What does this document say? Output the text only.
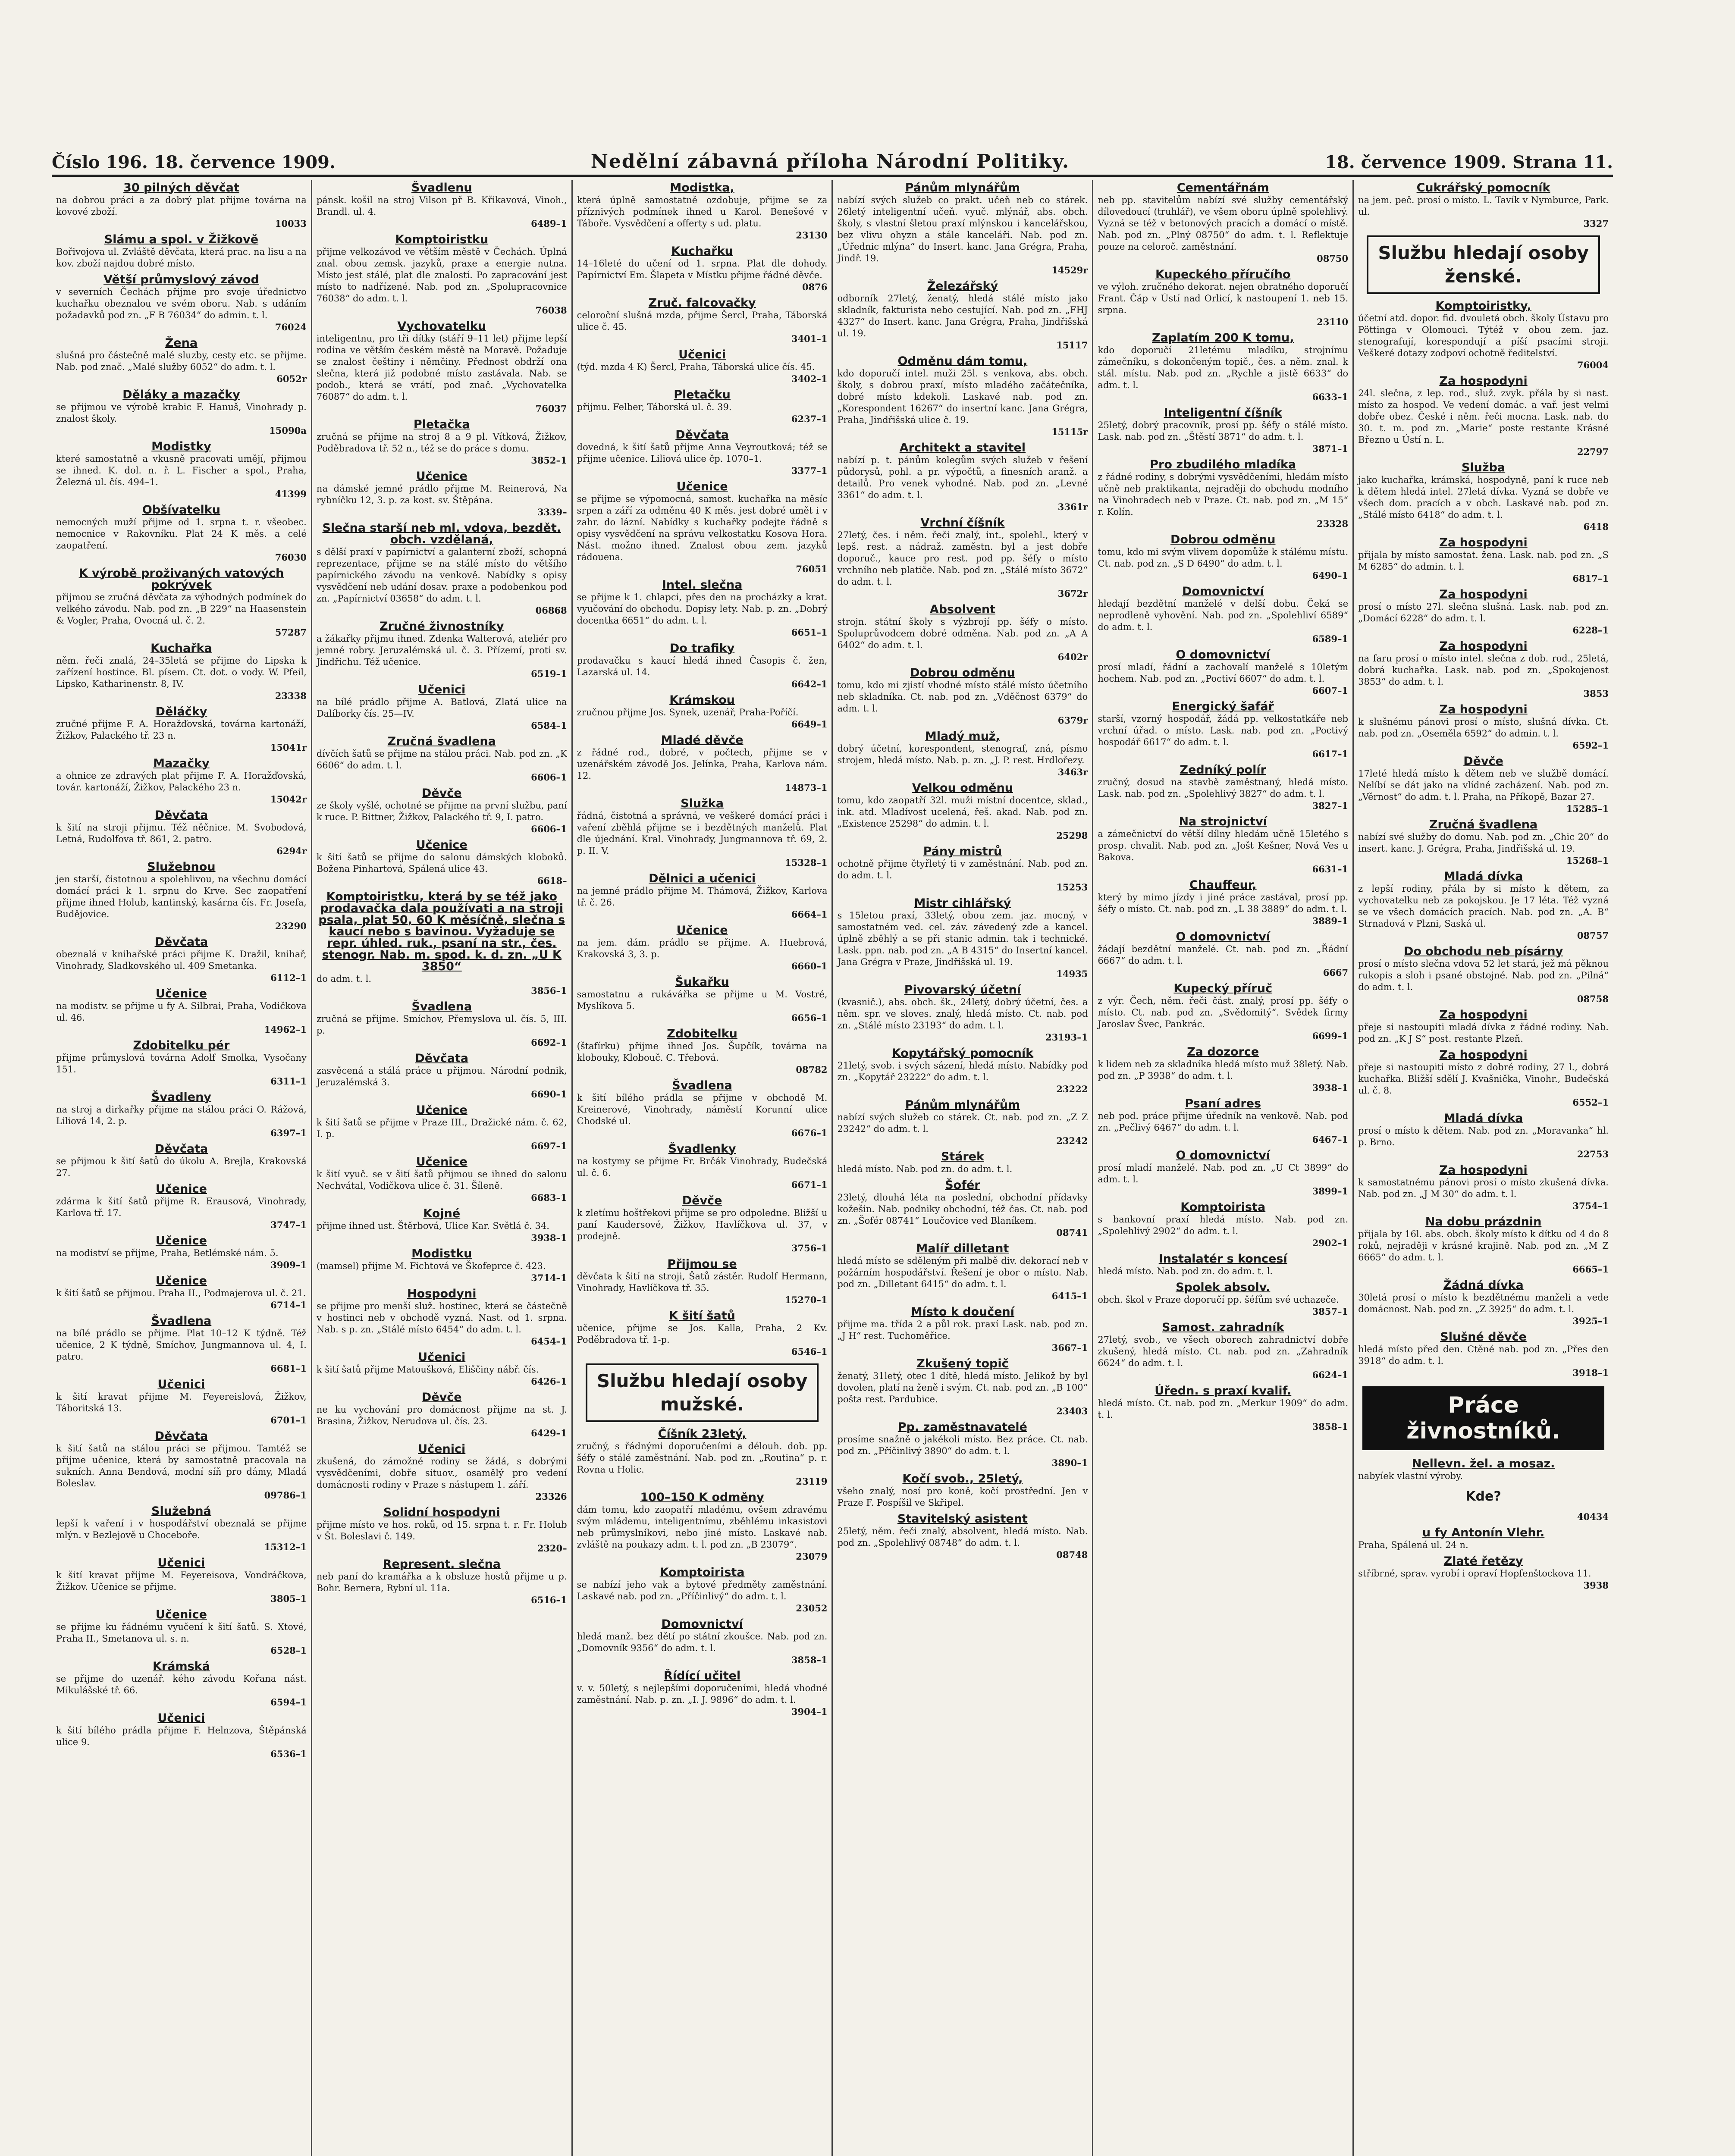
Číslo 196. 18. července 1909.	Nedělní zábavná příloha Národní Politiky.	18. července 1909. Strana 11.
30 pilných děvčat
na dobrou práci a za dobrý plat přijme továrna na kovové zboží.
10033
Slámu a spol. v Žižkově
Bořivojova ul. Zvláště děvčata, která prac. na lisu a na kov. zboží najdou dobré místo.
Větší průmyslový závod
v severních Čechách přijme pro svoje úřednictvo kuchařku obeznalou ve svém oboru. Nab. s udáním požadavků pod zn. „F B 76034“ do admin. t. l.
76024
Žena
slušná pro částečně malé sluzby, cesty etc. se přijme. Nab. pod znač. „Malé služby 6052“ do adm. t. l.
6052r
Děláky a mazačky
se přijmou ve výrobě krabic F. Hanuš, Vinohrady p. znalost školy.
15090a
Modistky
které samostatně a vkusně pracovati umějí, přijmou se ihned. K. dol. n. ř. L. Fischer a spol., Praha, Železná ul. čís. 494–1.
41399
Obšívatelku
nemocných muží přijme od 1. srpna t. r. všeobec. nemocnice v Rakovníku. Plat 24 K měs. a celé zaopatření.
76030
K výrobě proživaných vatových pokrývek
přijmou se zručná děvčata za výhodných podmínek do velkého závodu. Nab. pod zn. „B 229“ na Haasenstein & Vogler, Praha, Ovocná ul. č. 2.
57287
Kuchařka
něm. řeči znalá, 24–35letá se přijme do Lipska k zařízení hostince. Bl. písem. Ct. dot. o vody. W. Pfeil, Lipsko, Katharinenstr. 8, IV.
23338
Děláčky
zručné přijme F. A. Horažďovská, továrna kartonáží, Žižkov, Palackého tř. 23 n.
15041r
Mazačky
a ohnice ze zdravých plat přijme F. A. Horažďovská, továr. kartonáží, Žižkov, Palackého 23 n.
15042r
Děvčata
k šití na stroji přijmu. Též něčnice. M. Svobodová, Letná, Rudolfova tř. 861, 2. patro.
6294r
Služebnou
jen starší, čistotnou a spolehlivou, na všechnu domácí domácí práci k 1. srpnu do Krve. Sec zaopatření přijme ihned Holub, kantinský, kasárna čís. Fr. Josefa, Budějovice.
23290
Děvčata
obeznalá v knihařské práci přijme K. Dražil, knihař, Vinohrady, Sladkovského ul. 409 Smetanka.
6112–1
Učenice
na modistv. se přijme u fy A. Silbrai, Praha, Vodičkova ul. 46.
14962–1
Zdobitelku pér
přijme průmyslová továrna Adolf Smolka, Vysočany 151.
6311–1
Švadleny
na stroj a dirkařky přijme na stálou práci O. Rážová, Liliová 14, 2. p.
6397–1
Děvčata
se přijmou k šití šatů do úkolu A. Brejla, Krakovská 27.
Učenice
zdárma k šití šatů přijme R. Erausová, Vinohrady, Karlova tř. 17.
3747–1
Učenice
na modiství se přijme, Praha, Betlémské nám. 5.
3909–1
Učenice
k šití šatů se přijmou. Praha II., Podmajerova ul. č. 21.
6714–1
Švadlena
na bílé prádlo se přijme. Plat 10–12 K týdně. Též učenice, 2 K týdně, Smíchov, Jungmannova ul. 4, I. patro.
6681–1
Učenici
k šití kravat přijme M. Feyereislová, Žižkov, Táboritská 13.
6701–1
Děvčata
k šití šatů na stálou práci se přijmou. Tamtéž se přijme učenice, která by samostatně pracovala na sukních. Anna Bendová, modní síň pro dámy, Mladá Boleslav.
09786–1
Služebná
lepší k vaření i v hospodářství obeznalá se přijme mlýn. v Bezlejově u Choceboře.
15312–1
Učenici
k šití kravat přijme M. Feyereisova, Vondráčkova, Žižkov. Učenice se přijme.
3805–1
Učenice
se přijme ku řádnému vyučení k šití šatů. S. Xtové, Praha II., Smetanova ul. s. n.
6528–1
Krámská
se přijme do uzenář. kého závodu Kořana nást. Mikulášské tř. 66.
6594–1
Učenici
k šití bílého prádla přijme F. Helnzova, Štěpánská ulice 9.
6536–1
Švadlenu
pánsk. košil na stroj Vilson př B. Křikavová, Vinoh., Brandl. ul. 4.
6489–1
Komptoiristku
přijme velkozávod ve větším městě v Čechách. Úplná znal. obou zemsk. jazyků, praxe a energie nutna. Místo jest stálé, plat dle znalostí. Po zapracování jest místo to nadřízené. Nab. pod zn. „Spolupracovnice 76038“ do adm. t. l.
76038
Vychovatelku
inteligentnu, pro tři dítky (stáří 9–11 let) přijme lepší rodina ve větším českém městě na Moravě. Požaduje se znalost češtiny i němčiny. Přednost obdrží ona slečna, která již podobné místo zastávala. Nab. se podob., která se vrátí, pod znač. „Vychovatelka 76087“ do adm. t. l.
76037
Pletačka
zručná se přijme na stroj 8 a 9 pl. Vítková, Žižkov, Poděbradova tř. 52 n., též se do práce s domu.
3852–1
Učenice
na dámské jemné prádlo přijme M. Reinerová, Na rybníčku 12, 3. p. za kost. sv. Štěpána.
3339–
Slečna starší neb ml. vdova, bezdět. obch. vzdělaná,
s dělší praxí v papírnictví a galanterní zboží, schopná reprezentace, přijme se na stálé místo do většího papírnického závodu na venkově. Nabídky s opisy vysvědčení neb udání dosav. praxe a podobenkou pod zn. „Papírnictví 03658“ do adm. t. l.
06868
Zručné živnostníky
a žákařky přijmu ihned. Zdenka Walterová, ateliér pro jemné robry. Jeruzalémská ul. č. 3. Přízemí, proti sv. Jindřichu. Též učenice.
6519–1
Učenici
na bílé prádlo přijme A. Batlová, Zlatá ulice na Dalíborky čís. 25—IV.
6584–1
Zručná švadlena
dívčích šatů se přijme na stálou práci. Nab. pod zn. „K 6606“ do adm. t. l.
6606–1
Děvče
ze školy vyšlé, ochotné se přijme na první službu, paní k ruce. P. Bittner, Žižkov, Palackého tř. 9, I. patro.
6606–1
Učenice
k šití šatů se přijme do salonu dámských kloboků. Božena Pinhartová, Spálená ulice 43.
6618–
Komptoiristku, která by se též jako prodavačka dala používati a na stroji psala, plat 50, 60 K měsíčně, slečna s kaucí nebo s bavinou. Vyžaduje se repr. úhled. ruk., psaní na str., čes. stenogr. Nab. m. spod. k. d. zn. „U K 3850“
do adm. t. l.
3856–1
Švadlena
zručná se přijme. Smíchov, Přemyslova ul. čís. 5, III. p.
6692–1
Děvčata
zasvěcená a stálá práce u přijmou. Národní podnik, Jeruzalémská 3.
6690–1
Učenice
k šití šatů se přijme v Praze III., Dražické nám. č. 62, I. p.
6697–1
Učenice
k šití vyuč. se v šití šatů přijmou se ihned do salonu Nechvátal, Vodičkova ulice č. 31. Šíleně.
6683–1
Kojné
přijme ihned ust. Štěrbová, Ulice Kar. Světlá č. 34.
3938–1
Modistku
(mamsel) přijme M. Fichtová ve Škofeprce č. 423.
3714–1
Hospodyni
se přijme pro menší služ. hostinec, která se částečně v hostinci neb v obchodě vyzná. Nast. od 1. srpna. Nab. s p. zn. „Stálé místo 6454“ do adm. t. l.
6454–1
Učenici
k šití šatů přijme Matoušková, Eliščiny nábř. čís.
6426–1
Děvče
ne ku vychování pro domácnost přijme na st. J. Brasina, Žižkov, Nerudova ul. čís. 23.
6429–1
Učenici
zkušená, do zámožné rodiny se žádá, s dobrými vysvědčeními, dobře situov., osamělý pro vedení domácnosti rodiny v Praze s nástupem 1. září.
23326
Solidní hospodyni
přijme místo ve hos. roků, od 15. srpna t. r. Fr. Holub v Št. Boleslavi č. 149.
2320–
Represent. slečna
neb paní do kramářka a k obsluze hostů přijme u p. Bohr. Bernera, Rybní ul. 11a.
6516–1
Modistka,
která úplně samostatně ozdobuje, přijme se za příznivých podmínek ihned u Karol. Benešové v Táboře. Vysvědčení a offerty s ud. platu.
23130
Kuchařku
14–16leté do učení od 1. srpna. Plat dle dohody. Papírnictví Em. Šlapeta v Místku přijme řádné děvče.
0876
Zruč. falcovačky
celoroční slušná mzda, přijme Šercl, Praha, Táborská ulice č. 45.
3401–1
Učenici
(týd. mzda 4 K) Šercl, Praha, Táborská ulice čís. 45.
3402–1
Pletačku
přijmu. Felber, Táborská ul. č. 39.
6237–1
Děvčata
dovedná, k šití šatů přijme Anna Veyroutková; též se přijme učenice. Liliová ulice čp. 1070–1.
3377–1
Učenice
se přijme se výpomocná, samost. kuchařka na měsíc srpen a září za odměnu 40 K měs. jest dobré umět i v zahr. do lázní. Nabídky s kuchařky podejte řádně s opisy vysvědčení na správu velkostatku Kosova Hora. Nást. možno ihned. Znalost obou zem. jazyků rádouena.
76051
Intel. slečna
se přijme k 1. chlapci, přes den na procházky a krat. vyučování do obchodu. Dopisy lety. Nab. p. zn. „Dobrý docentka 6651“ do adm. t. l.
6651–1
Do trafiky
prodavačku s kaucí hledá ihned Časopis č. žen, Lazarská ul. 14.
6642–1
Krámskou
zručnou přijme Jos. Synek, uzenář, Praha-Poříčí.
6649–1
Mladé děvče
z řádné rod., dobré, v počtech, přijme se v uzenářském závodě Jos. Jelínka, Praha, Karlova nám. 12.
14873–1
Služka
řádná, čistotná a správná, ve veškeré domácí práci i vaření zběhlá přijme se i bezdětných manželů. Plat dle újednání. Kral. Vinohrady, Jungmannova tř. 69, 2. p. II. V.
15328–1
Dělnici a učenici
na jemné prádlo přijme M. Thámová, Žižkov, Karlova tř. č. 26.
6664–1
Učenice
na jem. dám. prádlo se přijme. A. Huebrová, Krakovská 3, 3. p.
6660–1
Šukařku
samostatnu a rukávářka se přijme u M. Vostré, Myslíkova 5.
6656–1
Zdobitelku
(štafírku) přijme ihned Jos. Šupčík, továrna na klobouky, Klobouč. C. Třebová.
08782
Švadlena
k šití bílého prádla se přijme v obchodě M. Kreinerové, Vinohrady, náměstí Korunní ulice Chodské ul.
6676–1
Švadlenky
na kostymy se přijme Fr. Brčák Vinohrady, Budečská ul. č. 6.
6671–1
Děvče
k zletímu hoštřekovi přijme se pro odpoledne. Bližší u paní Kaudersové, Žižkov, Havlíčkova ul. 37, v prodejně.
3756–1
Přijmou se
děvčata k šití na stroji, Šatů zástěr. Rudolf Hermann, Vinohrady, Havlíčkova tř. 35.
15270–1
K šití šatů
učenice, přijme se Jos. Kalla, Praha, 2 Kv. Poděbradova tř. 1-p.
6546–1
Službu hledají osoby mužské.
Číšník 23letý,
zručný, s řádnými doporučeními a délouh. dob. pp. šéfy o stálé zaměstnání. Nab. pod zn. „Routina“ p. r. Rovna u Holic.
23119
100–150 K odměny
dám tomu, kdo zaopatří mladému, ovšem zdravému svým mládemu, inteligentnímu, zběhlému inkasistovi neb průmyslníkovi, nebo jiné místo. Laskavé nab. zvláště na poukazy adm. t. l. pod zn. „B 23079“.
23079
Komptoirista
se nabízí jeho vak a bytové předměty zaměstnání. Laskavé nab. pod zn. „Příčinlivý“ do adm. t. l.
23052
Domovnictví
hledá manž. bez dětí po státní zkoušce. Nab. pod zn. „Domovník 9356“ do adm. t. l.
3858–1
Řídící učitel
v. v. 50letý, s nejlepšími doporučeními, hledá vhodné zaměstnání. Nab. p. zn. „I. J. 9896“ do adm. t. l.
3904–1
Pánům mlynářům
nabízí svých služeb co prakt. učeň neb co stárek. 26letý inteligentní učeň. vyuč. mlýnář, abs. obch. školy, s vlastní šletou praxí mlýnskou i kancelářskou, bez vlivu ohyzn a stále kanceláři. Nab. pod zn. „Úřednic mlýna“ do Insert. kanc. Jana Grégra, Praha, Jindř. 19.
14529r
Železářský
odborník 27letý, ženatý, hledá stálé místo jako skladník, fakturista nebo cestující. Nab. pod zn. „FHJ 4327“ do Insert. kanc. Jana Grégra, Praha, Jindřišská ul. 19.
15117
Odměnu dám tomu,
kdo doporučí intel. muži 25l. s venkova, abs. obch. školy, s dobrou praxí, místo mladého začátečníka, dobré místo kdekoli. Laskavé nab. pod zn. „Korespondent 16267“ do insertní kanc. Jana Grégra, Praha, Jindřišská ulice č. 19.
15115r
Architekt a stavitel
nabízí p. t. pánům kolegům svých služeb v řešení půdorysů, pohl. a pr. výpočtů, a finesních aranž. a detailů. Pro venek vyhodné. Nab. pod zn. „Levné 3361“ do adm. t. l.
3361r
Vrchní číšník
27letý, čes. i něm. řeči znalý, int., spolehl., který v lepš. rest. a nádraž. zaměstn. byl a jest dobře doporuč., kauce pro rest. pod pp. šéfy o místo vrchního neb platiče. Nab. pod zn. „Stálé místo 3672“ do adm. t. l.
3672r
Absolvent
strojn. státní školy s výzbrojí pp. šéfy o místo. Spoluprůvodcem dobré odměna. Nab. pod zn. „A A 6402“ do adm. t. l.
6402r
Dobrou odměnu
tomu, kdo mi zjistí vhodné místo stálé místo účetního neb skladníka. Ct. nab. pod zn. „Vděčnost 6379“ do adm. t. l.
6379r
Mladý muž,
dobrý účetní, korespondent, stenograf, zná, písmo strojem, hledá místo. Nab. p. zn. „J. P. rest. Hrdlořezy.
3463r
Velkou odměnu
tomu, kdo zaopatří 32l. muži místní docentce, sklad., ink. atd. Mladívost ucelená, řeš. akad. Nab. pod zn. „Existence 25298“ do admin. t. l.
25298
Pány mistrů
ochotně přijme čtyřletý ti v zaměstnání. Nab. pod zn. do adm. t. l.
15253
Mistr cihlářský
s 15letou praxí, 33letý, obou zem. jaz. mocný, v samostatném ved. cel. záv. závedený zde a kancel. úplně zběhlý a se při stanic admin. tak i technické. Lask. ppn. nab. pod zn. „A B 4315“ do Insertní kancel. Jana Grégra v Praze, Jindřišská ul. 19.
14935
Pivovarský účetní
(kvasnič.), abs. obch. šk., 24letý, dobrý účetní, čes. a něm. spr. ve sloves. znalý, hledá místo. Ct. nab. pod zn. „Stálé místo 23193“ do adm. t. l.
23193–1
Kopytářský pomocník
21letý, svob. i svých sázení, hledá místo. Nabídky pod zn. „Kopytář 23222“ do adm. t. l.
23222
Pánům mlynářům
nabízí svých služeb co stárek. Ct. nab. pod zn. „Z Z 23242“ do adm. t. l.
23242
Stárek
hledá místo. Nab. pod zn. do adm. t. l.
Šofér
23letý, dlouhá léta na poslední, obchodní přídavky kožešin. Nab. podniky obchodní, též čas. Ct. nab. pod zn. „Šofér 08741“ Loučovice ved Blaníkem.
08741
Malíř dilletant
hledá místo se sděleným při malbě div. dekorací neb v požárním hospodářství. Řešení je obor o místo. Nab. pod zn. „Dilletant 6415“ do adm. t. l.
6415–1
Místo k doučení
přijme ma. třída 2 a půl rok. praxí Lask. nab. pod zn. „J H“ rest. Tuchoměřice.
3667–1
Zkušený topič
ženatý, 31letý, otec 1 dítě, hledá místo. Jelikož by byl dovolen, platí na ženě i svým. Ct. nab. pod zn. „B 100“ pošta rest. Pardubice.
23403
Pp. zaměstnavatelé
prosíme snažně o jakékoli místo. Bez práce. Ct. nab. pod zn. „Příčinlivý 3890“ do adm. t. l.
3890–1
Kočí svob., 25letý,
všeho znalý, nosí pro koně, kočí prostřední. Jen v Praze F. Pospíšil ve Skřipel.
Stavitelský asistent
25letý, něm. řeči znalý, absolvent, hledá místo. Nab. pod zn. „Spolehlivý 08748“ do adm. t. l.
08748
Cementářnám
neb pp. stavitelům nabízí své služby cementářský dílovedoucí (truhlář), ve všem oboru úplně spolehlivý. Vyzná se též v betonových pracích a domácí o místě. Nab. pod zn. „Plný 08750“ do adm. t. l. Reflektuje pouze na celoroč. zaměstnání.
08750
Kupeckého příručího
ve výloh. zručného dekorat. nejen obratného doporučí Frant. Čáp v Ústí nad Orlicí, k nastoupení 1. neb 15. srpna.
23110
Zaplatím 200 K tomu,
kdo doporučí 21letému mladíku, strojnímu zámečníku, s dokončeným topič., čes. a něm. znal. k stál. místu. Nab. pod zn. „Rychle a jistě 6633“ do adm. t. l.
6633–1
Inteligentní číšník
25letý, dobrý pracovník, prosí pp. šéfy o stálé místo. Lask. nab. pod zn. „Štěstí 3871“ do adm. t. l.
3871–1
Pro zbudilého mladíka
z řádné rodiny, s dobrými vysvědčeními, hledám místo učně neb praktikanta, nejraději do obchodu modního na Vinohradech neb v Praze. Ct. nab. pod zn. „M 15“ r. Kolín.
23328
Dobrou odměnu
tomu, kdo mi svým vlivem dopomůže k stálému místu. Ct. nab. pod zn. „S D 6490“ do adm. t. l.
6490–1
Domovnictví
hledají bezdětní manželé v delší dobu. Čeká se neprodleně vyhovění. Nab. pod zn. „Spolehliví 6589“ do adm. t. l.
6589–1
O domovnictví
prosí mladí, řádní a zachovalí manželé s 10letým hochem. Nab. pod zn. „Poctiví 6607“ do adm. t. l.
6607–1
Energický šafář
starší, vzorný hospodář, žádá pp. velkostatkáře neb vrchní úřad. o místo. Lask. nab. pod zn. „Poctivý hospodář 6617“ do adm. t. l.
6617–1
Zedníký polír
zručný, dosud na stavbě zaměstnaný, hledá místo. Lask. nab. pod zn. „Spolehlivý 3827“ do adm. t. l.
3827–1
Na strojnictví
a zámečnictví do větší dílny hledám učně 15letého s prosp. chvalit. Nab. pod zn. „Jošt Kešner, Nová Ves u Bakova.
6631–1
Chauffeur,
který by mimo jízdy i jiné práce zastával, prosí pp. šéfy o místo. Ct. nab. pod zn. „L 38 3889“ do adm. t. l.
3889–1
O domovnictví
žádají bezdětní manželé. Ct. nab. pod zn. „Řádní 6667“ do adm. t. l.
6667
Kupecký příruč
z výr. Čech, něm. řeči část. znalý, prosí pp. šéfy o místo. Ct. nab. pod zn. „Svědomitý“. Svědek firmy Jaroslav Švec, Pankrác.
6699–1
Za dozorce
k lidem neb za skladníka hledá místo muž 38letý. Nab. pod zn. „P 3938“ do adm. t. l.
3938–1
Psaní adres
neb pod. práce přijme úředník na venkově. Nab. pod zn. „Pečlivý 6467“ do adm. t. l.
6467–1
O domovnictví
prosí mladí manželé. Nab. pod zn. „U Ct 3899“ do adm. t. l.
3899–1
Komptoirista
s bankovní praxí hledá místo. Nab. pod zn. „Spolehlivý 2902“ do adm. t. l.
2902–1
Instalatér s koncesí
hledá místo. Nab. pod zn. do adm. t. l.
Spolek absolv.
obch. škol v Praze doporučí pp. šéfům své uchazeče.
3857–1
Samost. zahradník
27letý, svob., ve všech oborech zahradnictví dobře zkušený, hledá místo. Ct. nab. pod zn. „Zahradník 6624“ do adm. t. l.
6624–1
Úředn. s praxí kvalif.
hledá místo. Ct. nab. pod zn. „Merkur 1909“ do adm. t. l.
3858–1
Cukrářský pomocník
na jem. peč. prosí o místo. L. Tavík v Nymburce, Park. ul.
3327
Službu hledají osoby ženské.
Komptoiristky,
účetní atd. dopor. fid. dvouletá obch. školy Ústavu pro Pöttinga v Olomouci. Týtéž v obou zem. jaz. stenografují, korespondují a píší psacími stroji. Veškeré dotazy zodpoví ochotně ředitelství.
76004
Za hospodyni
24l. slečna, z lep. rod., služ. zvyk. přála by si nast. místo za hospod. Ve vedení domác. a vař. jest velmi dobře obez. České i něm. řeči mocna. Lask. nab. do 30. t. m. pod zn. „Marie“ poste restante Krásné Březno u Ústí n. L.
22797
Služba
jako kuchařka, krámská, hospodyně, paní k ruce neb k dětem hledá intel. 27letá dívka. Vyzná se dobře ve všech dom. pracích a v obch. Laskavé nab. pod zn. „Stálé místo 6418“ do adm. t. l.
6418
Za hospodyni
přijala by místo samostat. žena. Lask. nab. pod zn. „S M 6285“ do admin. t. l.
6817–1
Za hospodyni
prosí o místo 27l. slečna slušná. Lask. nab. pod zn. „Domácí 6228“ do adm. t. l.
6228–1
Za hospodyni
na faru prosí o místo intel. slečna z dob. rod., 25letá, dobrá kuchařka. Lask. nab. pod zn. „Spokojenost 3853“ do adm. t. l.
3853
Za hospodyni
k slušnému pánovi prosí o místo, slušná dívka. Ct. nab. pod zn. „Oseměla 6592“ do admin. t. l.
6592–1
Děvče
17leté hledá místo k dětem neb ve službě domácí. Nelíbí se dát jako na vlídné zacházení. Nab. pod zn. „Věrnost“ do adm. t. l. Praha, na Příkopě, Bazar 27.
15285–1
Zručná švadlena
nabízí své služby do domu. Nab. pod zn. „Chic 20“ do insert. kanc. J. Grégra, Praha, Jindřišská ul. 19.
15268–1
Mladá dívka
z lepší rodiny, přála by si místo k dětem, za vychovatelku neb za pokojskou. Je 17 léta. Též vyzná se ve všech domácích pracích. Nab. pod zn. „A. B“ Strnadová v Plzni, Saská ul.
08757
Do obchodu neb písárny
prosí o místo slečna vdova 52 let stará, jež má pěknou rukopis a sloh i psané obstojné. Nab. pod zn. „Pilná“ do adm. t. l.
08758
Za hospodyni
přeje si nastoupiti mladá dívka z řádné rodiny. Nab. pod zn. „K J S“ post. restante Plzeň.
Za hospodyni
přeje si nastoupiti místo z dobré rodiny, 27 l., dobrá kuchařka. Bližší sdělí J. Kvašnička, Vinohr., Budečská ul. č. 8.
6552–1
Mladá dívka
prosí o místo k dětem. Nab. pod zn. „Moravanka“ hl. p. Brno.
22753
Za hospodyni
k samostatnému pánovi prosí o místo zkušená dívka. Nab. pod zn. „J M 30“ do adm. t. l.
3754–1
Na dobu prázdnin
přijala by 16l. abs. obch. školy místo k dítku od 4 do 8 roků, nejraději v krásné krajině. Nab. pod zn. „M Z 6665“ do adm. t. l.
6665–1
Žádná dívka
30letá prosí o místo k bezdětnému manželi a vede domácnost. Nab. pod zn. „Z 3925“ do adm. t. l.
3925–1
Slušné děvče
hledá místo před den. Ctěné nab. pod zn. „Přes den 3918“ do adm. t. l.
3918–1
Práce živnostníků.
Nellevn. žel. a mosaz.
nabyíek vlastní výroby.
Kde?
40434
u fy Antonín Vlehr.
Praha, Spálená ul. 24 n.
Zlaté řetězy
stříbrné, sprav. vyrobí i opraví Hopfenštockova 11.
3938
